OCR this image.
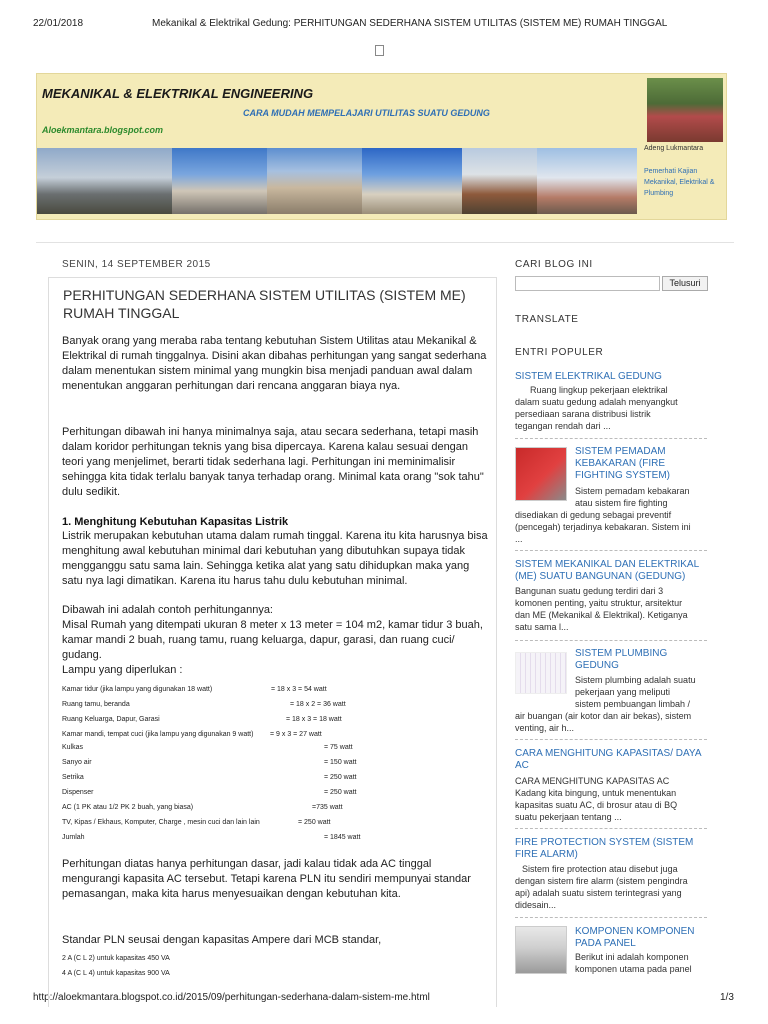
22/01/2018	Mekanikal & Elektrikal Gedung: PERHITUNGAN SEDERHANA SISTEM UTILITAS (SISTEM ME) RUMAH TINGGAL
http://aloekmantara.blogspot.co.id/2015/09/perhitungan-sederhana-dalam-sistem-me.html	1/3
MEKANIKAL & ELEKTRIKAL ENGINEERING
CARA MUDAH MEMPELAJARI UTILITAS SUATU GEDUNG
Aloekmantara.blogspot.com
Adeng Lukmantara
Pemerhati Kajian Mekanikal, Elektrikal & Plumbing
SENIN, 14 SEPTEMBER 2015
PERHITUNGAN SEDERHANA SISTEM UTILITAS (SISTEM ME) RUMAH TINGGAL
Banyak orang yang meraba raba tentang kebutuhan Sistem Utilitas atau Mekanikal &
Elektrikal di rumah tinggalnya. Disini akan dibahas perhitungan yang sangat sederhana
dalam menentukan sistem minimal yang mungkin bisa menjadi panduan awal dalam
menentukan anggaran perhitungan dari rencana anggaran biaya nya.
Perhitungan dibawah ini hanya minimalnya saja, atau secara sederhana, tetapi masih
dalam koridor perhitungan teknis yang bisa dipercaya. Karena kalau sesuai dengan
teori yang menjelimet, berarti tidak sederhana lagi. Perhitungan ini meminimalisir
sehingga kita tidak terlalu banyak tanya terhadap orang. Minimal kata orang "sok tahu"
dulu sedikit.
1. Menghitung Kebutuhan Kapasitas Listrik
Listrik merupakan kebutuhan utama dalam rumah tinggal. Karena itu kita harusnya bisa
menghitung awal kebutuhan minimal dari kebutuhan yang dibutuhkan supaya tidak
mengganggu satu sama lain. Sehingga ketika alat yang satu dihidupkan maka yang
satu nya lagi dimatikan. Karena itu harus tahu dulu kebutuhan minimal.
Dibawah ini adalah contoh perhitungannya:
Misal Rumah yang ditempati ukuran 8 meter x 13 meter = 104 m2, kamar tidur 3 buah,
kamar mandi 2 buah, ruang tamu, ruang keluarga, dapur, garasi, dan ruang cuci/
gudang.
Lampu yang diperlukan :
Kamar tidur (jika lampu yang digunakan 18 watt)	= 18 x 3 = 54 watt
Ruang tamu, beranda	= 18 x 2 = 36 watt
Ruang Keluarga, Dapur, Garasi	= 18 x 3 = 18 watt
Kamar mandi, tempat cuci (jika lampu yang digunakan 9 watt) = 9 x 3 = 27 watt
Kulkas	= 75 watt
Sanyo air	= 150 watt
Setrika	= 250 watt
Dispenser	= 250 watt
AC (1 PK atau 1/2 PK 2 buah, yang biasa)	=735 watt
TV, Kipas / Ekhaus, Komputer, Charge , mesin cuci dan lain lain	= 250 watt
Jumlah	= 1845 watt
Perhitungan diatas hanya perhitungan dasar, jadi kalau tidak ada AC tinggal
mengurangi kapasita AC tersebut. Tetapi karena PLN itu sendiri mempunyai standar
pemasangan, maka kita harus menyesuaikan dengan kebutuhan kita.
Standar PLN seusai dengan kapasitas Ampere dari MCB standar,
2 A (C L 2) untuk kapasitas 450 VA
4 A (C L 4) untuk kapasitas 900 VA
CARI BLOG INI
Telusuri
TRANSLATE
ENTRI POPULER
SISTEM ELEKTRIKAL GEDUNG
Ruang lingkup pekerjaan elektrikal
dalam suatu gedung adalah menyangkut
persediaan sarana distribusi listrik
tegangan rendah dari ...
SISTEM PEMADAM KEBAKARAN (FIRE FIGHTING SYSTEM)
Sistem pemadam kebakaran
atau sistem fire fighting
disediakan di gedung sebagai preventif
(pencegah) terjadinya kebakaran. Sistem ini
...
SISTEM MEKANIKAL DAN ELEKTRIKAL (ME) SUATU BANGUNAN (GEDUNG)
Bangunan suatu gedung terdiri dari 3
komonen penting, yaitu struktur, arsitektur
dan ME (Mekanikal & Elektrikal). Ketiganya
satu sama l...
SISTEM PLUMBING GEDUNG
Sistem plumbing adalah suatu
pekerjaan yang meliputi
sistem pembuangan limbah /
air buangan (air kotor dan air bekas), sistem
venting, air h...
CARA MENGHITUNG KAPASITAS/ DAYA AC
CARA MENGHITUNG KAPASITAS AC
Kadang kita bingung, untuk menentukan
kapasitas suatu AC, di brosur atau di BQ
suatu pekerjaan tentang ...
FIRE PROTECTION SYSTEM (SISTEM FIRE ALARM)
Sistem fire protection atau disebut juga
dengan sistem fire alarm (sistem pengindra
api) adalah suatu sistem terintegrasi yang
didesain...
KOMPONEN KOMPONEN PADA PANEL
Berikut ini adalah komponen
komponen utama pada panel
